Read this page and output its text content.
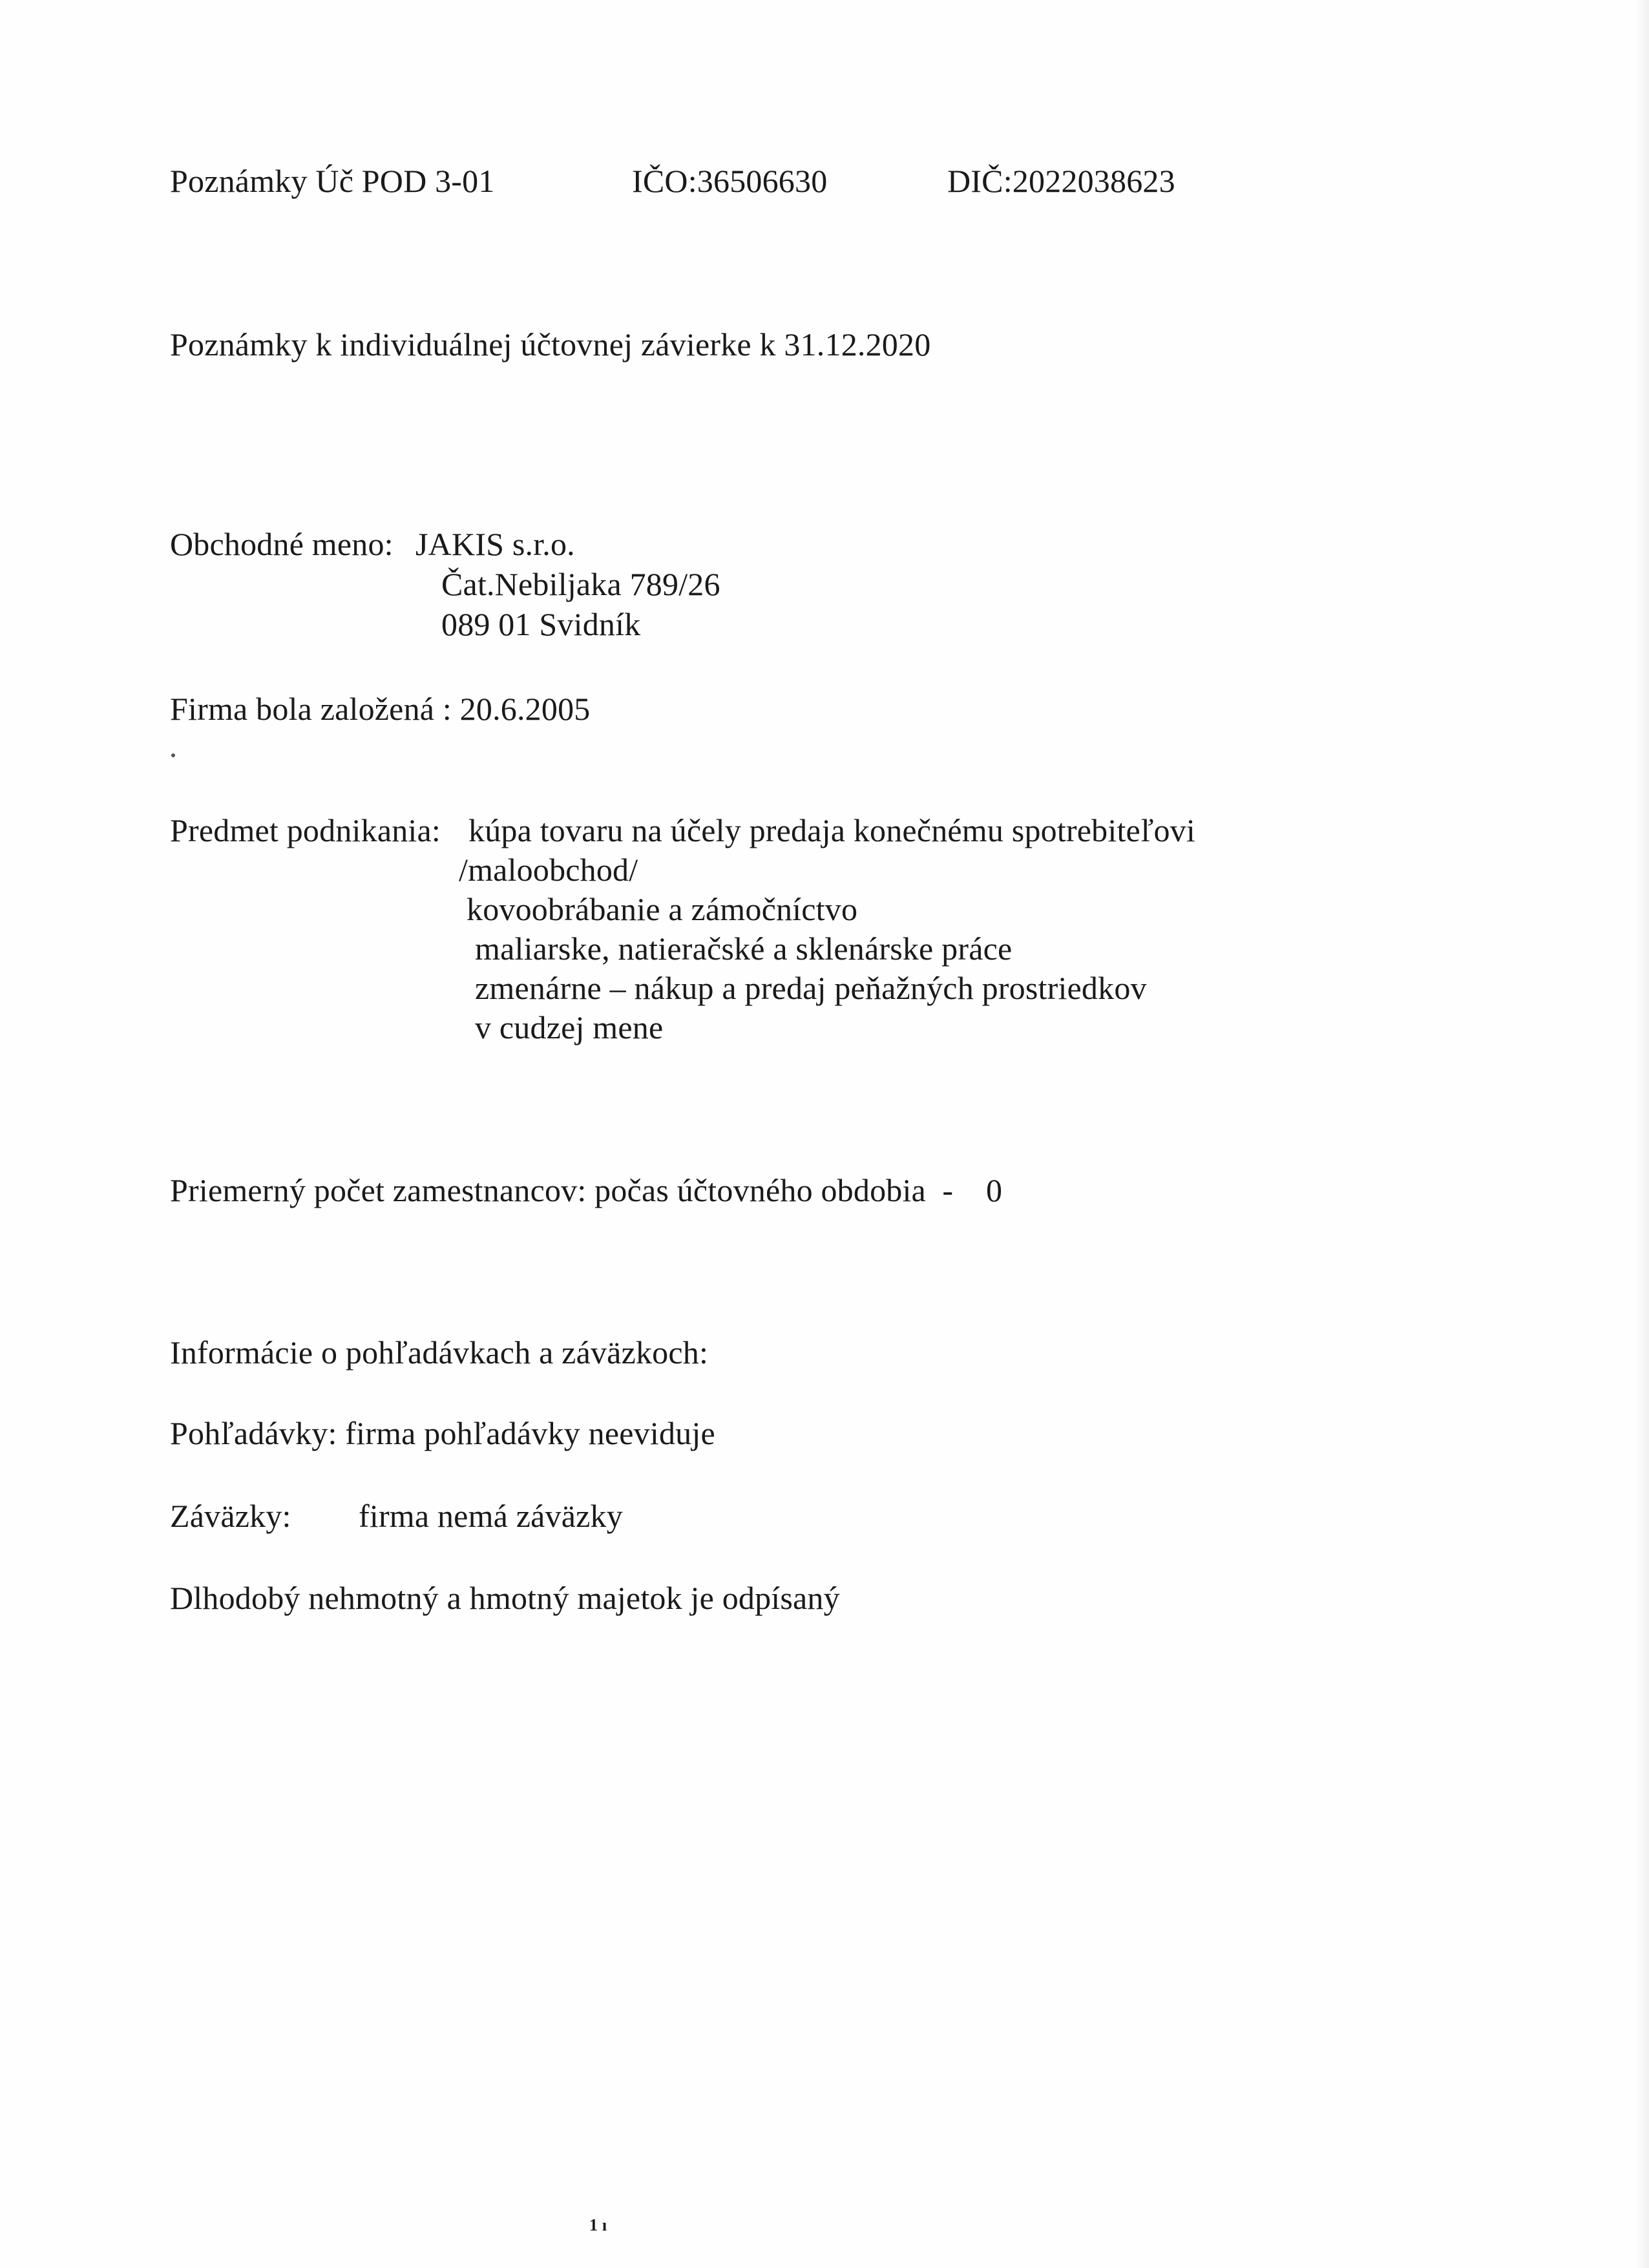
Poznámky Úč POD 3-01	IČO:36506630	DIČ:2022038623
Poznámky k individuálnej účtovnej závierke k 31.12.2020
Obchodné meno: JAKIS s.r.o.
Čat.Nebiljaka 789/26
089 01 Svidník
Firma bola založená : 20.6.2005
Predmet podnikania: kúpa tovaru na účely predaja konečnému spotrebiteľovi
/maloobchod/
kovoobrábanie a zámočníctvo
maliarske, natieračské a sklenárske práce
zmenárne – nákup a predaj peňažných prostriedkov
v cudzej mene
Priemerný počet zamestnancov: počas účtovného obdobia  -    0
Informácie o pohľadávkach a záväzkoch:
Pohľadávky: firma pohľadávky neeviduje
Záväzky: firma nemá záväzky
Dlhodobý nehmotný a hmotný majetok je odpísaný
1 ı
